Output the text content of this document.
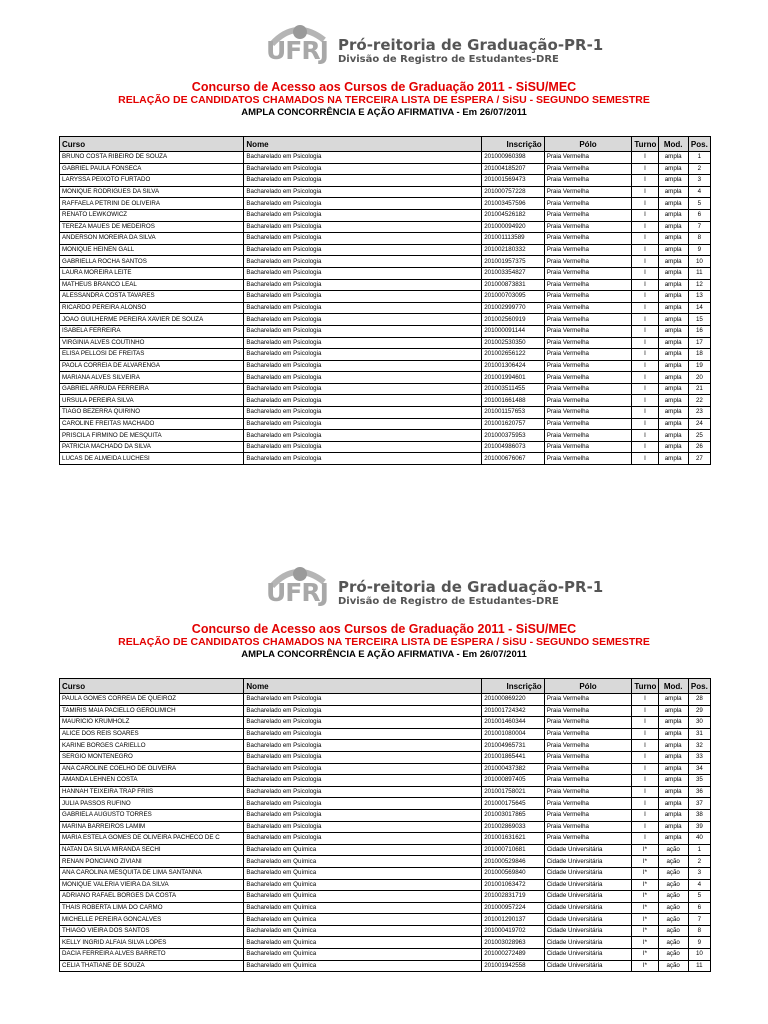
UFRJ Pró-reitoria de Graduação-PR-1
Divisão de Registro de Estudantes-DRE
Concurso de Acesso aos Cursos de Graduação 2011 - SiSU/MEC
RELAÇÃO DE CANDIDATOS CHAMADOS NA TERCEIRA LISTA DE ESPERA / SiSU - SEGUNDO SEMESTRE
AMPLA CONCORRÊNCIA E AÇÃO AFIRMATIVA - Em 26/07/2011
Curso	Nome	Inscrição	Pólo	Turno	Mod.	Pos.
BRUNO COSTA RIBEIRO DE SOUZA	Bacharelado em Psicologia	201000960398	Praia Vermelha	I	ampla	1
GABRIEL PAULA FONSECA	Bacharelado em Psicologia	201004185207	Praia Vermelha	I	ampla	2
LARYSSA PEIXOTO FURTADO	Bacharelado em Psicologia	201001569473	Praia Vermelha	I	ampla	3
MONIQUE RODRIGUES DA SILVA	Bacharelado em Psicologia	201000757228	Praia Vermelha	I	ampla	4
RAFFAELA PETRINI DE OLIVEIRA	Bacharelado em Psicologia	201003457596	Praia Vermelha	I	ampla	5
RENATO LEWKOWICZ	Bacharelado em Psicologia	201004526182	Praia Vermelha	I	ampla	6
TEREZA MAUES DE MEDEIROS	Bacharelado em Psicologia	201000094920	Praia Vermelha	I	ampla	7
ANDERSON MOREIRA DA SILVA	Bacharelado em Psicologia	201001113589	Praia Vermelha	I	ampla	8
MONIQUE HEINEN GALL	Bacharelado em Psicologia	201002180332	Praia Vermelha	I	ampla	9
GABRIELLA ROCHA SANTOS	Bacharelado em Psicologia	201001957375	Praia Vermelha	I	ampla	10
LAURA MOREIRA LEITE	Bacharelado em Psicologia	201003354827	Praia Vermelha	I	ampla	11
MATHEUS BRANCO LEAL	Bacharelado em Psicologia	201000873831	Praia Vermelha	I	ampla	12
ALESSANDRA COSTA TAVARES	Bacharelado em Psicologia	201000703095	Praia Vermelha	I	ampla	13
RICARDO PEREIRA ALONSO	Bacharelado em Psicologia	201002999770	Praia Vermelha	I	ampla	14
JOAO GUILHERME PEREIRA XAVIER DE SOUZA	Bacharelado em Psicologia	201002560919	Praia Vermelha	I	ampla	15
ISABELA FERREIRA	Bacharelado em Psicologia	201000091144	Praia Vermelha	I	ampla	16
VIRGINIA ALVES COUTINHO	Bacharelado em Psicologia	201002530350	Praia Vermelha	I	ampla	17
ELISA PELLOSI DE FREITAS	Bacharelado em Psicologia	201002656122	Praia Vermelha	I	ampla	18
PAOLA CORREIA DE ALVARENGA	Bacharelado em Psicologia	201001306424	Praia Vermelha	I	ampla	19
MARIANA ALVES SILVEIRA	Bacharelado em Psicologia	201001994601	Praia Vermelha	I	ampla	20
GABRIEL ARRUDA FERREIRA	Bacharelado em Psicologia	201003511455	Praia Vermelha	I	ampla	21
URSULA PEREIRA SILVA	Bacharelado em Psicologia	201001661488	Praia Vermelha	I	ampla	22
TIAGO BEZERRA QUIRINO	Bacharelado em Psicologia	201001157653	Praia Vermelha	I	ampla	23
CAROLINE FREITAS MACHADO	Bacharelado em Psicologia	201001620757	Praia Vermelha	I	ampla	24
PRISCILA FIRMINO DE MESQUITA	Bacharelado em Psicologia	201000375953	Praia Vermelha	I	ampla	25
PATRICIA MACHADO DA SILVA	Bacharelado em Psicologia	201004986073	Praia Vermelha	I	ampla	26
LUCAS DE ALMEIDA LUCHESI	Bacharelado em Psicologia	201000676067	Praia Vermelha	I	ampla	27
UFRJ Pró-reitoria de Graduação-PR-1
Divisão de Registro de Estudantes-DRE
Concurso de Acesso aos Cursos de Graduação 2011 - SiSU/MEC
RELAÇÃO DE CANDIDATOS CHAMADOS NA TERCEIRA LISTA DE ESPERA / SiSU - SEGUNDO SEMESTRE
AMPLA CONCORRÊNCIA E AÇÃO AFIRMATIVA - Em 26/07/2011
Curso	Nome	Inscrição	Pólo	Turno	Mod.	Pos.
PAULA GOMES CORREIA DE QUEIROZ	Bacharelado em Psicologia	201000869220	Praia Vermelha	I	ampla	28
TAMIRIS MAIA PACIELLO GEROLIMICH	Bacharelado em Psicologia	201001724342	Praia Vermelha	I	ampla	29
MAURICIO KRUMHOLZ	Bacharelado em Psicologia	201001460344	Praia Vermelha	I	ampla	30
ALICE DOS REIS SOARES	Bacharelado em Psicologia	201001080004	Praia Vermelha	I	ampla	31
KARINE BORGES CARIELLO	Bacharelado em Psicologia	201004965731	Praia Vermelha	I	ampla	32
SERGIO MONTENEGRO	Bacharelado em Psicologia	201001865441	Praia Vermelha	I	ampla	33
ANA CAROLINE COELHO DE OLIVEIRA	Bacharelado em Psicologia	201000437382	Praia Vermelha	I	ampla	34
AMANDA LEHNEN COSTA	Bacharelado em Psicologia	201000897405	Praia Vermelha	I	ampla	35
HANNAH TEIXEIRA TRAP FRIIS	Bacharelado em Psicologia	201001758021	Praia Vermelha	I	ampla	36
JULIA PASSOS RUFINO	Bacharelado em Psicologia	201000175645	Praia Vermelha	I	ampla	37
GABRIELA AUGUSTO TORRES	Bacharelado em Psicologia	201003017865	Praia Vermelha	I	ampla	38
MARINA BARREIROS LAMIM	Bacharelado em Psicologia	201002869033	Praia Vermelha	I	ampla	39
MARIA ESTELA GOMES DE OLIVEIRA PACHECO DE C	Bacharelado em Psicologia	201001631621	Praia Vermelha	I	ampla	40
NATAN DA SILVA MIRANDA SECHI	Bacharelado em Química	201000710681	Cidade Universitária	I*	ação	1
RENAN PONCIANO ZIVIANI	Bacharelado em Química	201000529846	Cidade Universitária	I*	ação	2
ANA CAROLINA MESQUITA DE LIMA SANTANNA	Bacharelado em Química	201000569840	Cidade Universitária	I*	ação	3
MONIQUE VALERIA VIEIRA DA SILVA	Bacharelado em Química	201001063472	Cidade Universitária	I*	ação	4
ADRIANO RAFAEL BORGES DA COSTA	Bacharelado em Química	201002831719	Cidade Universitária	I*	ação	5
THAIS ROBERTA LIMA DO CARMO	Bacharelado em Química	201000957224	Cidade Universitária	I*	ação	6
MICHELLE PEREIRA GONCALVES	Bacharelado em Química	201001290137	Cidade Universitária	I*	ação	7
THIAGO VIEIRA DOS SANTOS	Bacharelado em Química	201000419702	Cidade Universitária	I*	ação	8
KELLY INGRID ALFAIA SILVA LOPES	Bacharelado em Química	201003028963	Cidade Universitária	I*	ação	9
DACIA FERREIRA ALVES BARRETO	Bacharelado em Química	201000272489	Cidade Universitária	I*	ação	10
CELIA THATIANE DE SOUZA	Bacharelado em Química	201001942558	Cidade Universitária	I*	ação	11
